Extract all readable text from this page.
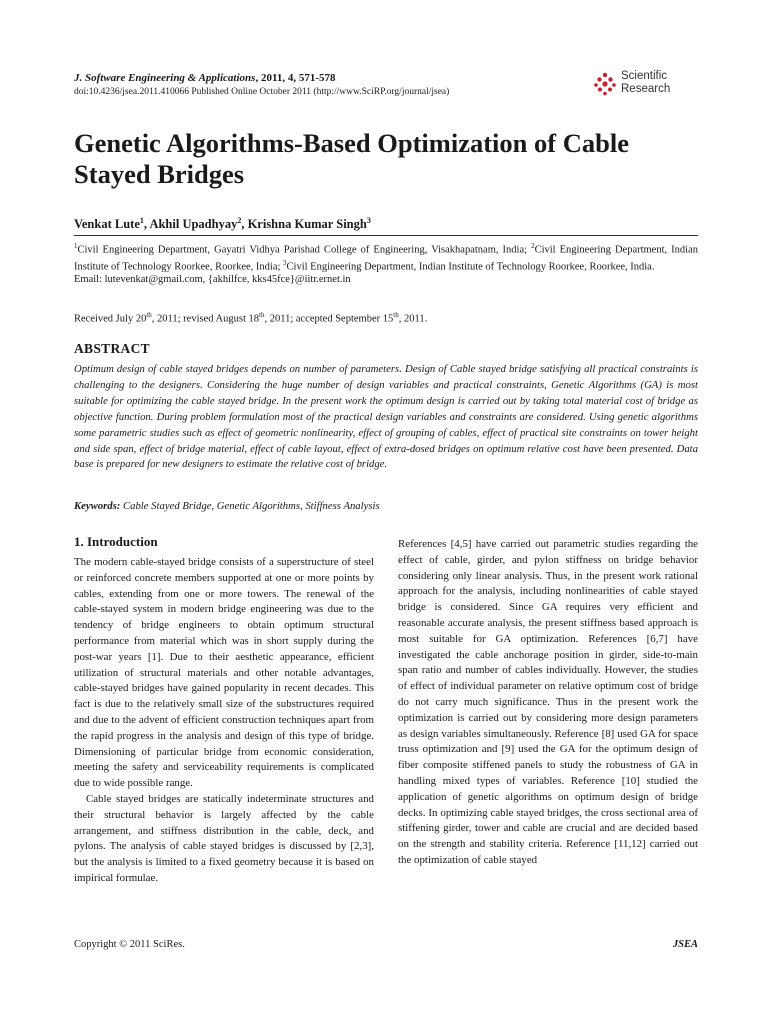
J. Software Engineering & Applications, 2011, 4, 571-578
doi:10.4236/jsea.2011.410066 Published Online October 2011 (http://www.SciRP.org/journal/jsea)
Scientific
Research
Genetic Algorithms-Based Optimization of Cable Stayed Bridges
Venkat Lute$^1$, Akhil Upadhyay$^2$, Krishna Kumar Singh$^3$
$^1$Civil Engineering Department, Gayatri Vidhya Parishad College of Engineering, Visakhapatnam, India; $^2$Civil Engineering Department, Indian Institute of Technology Roorkee, Roorkee, India; $^3$Civil Engineering Department, Indian Institute of Technology Roorkee, Roorkee, India.
Email: lutevenkat@gmail.com, {akhilfce, kks45fce}@iitr.ernet.in
Received July 20th, 2011; revised August 18th, 2011; accepted September 15th, 2011.
ABSTRACT
Optimum design of cable stayed bridges depends on number of parameters. Design of Cable stayed bridge satisfying all practical constraints is challenging to the designers. Considering the huge number of design variables and practical constraints, Genetic Algorithms (GA) is most suitable for optimizing the cable stayed bridge. In the present work the optimum design is carried out by taking total material cost of bridge as objective function. During problem formulation most of the practical design variables and constraints are considered. Using genetic algorithms some parametric studies such as effect of geometric nonlinearity, effect of grouping of cables, effect of practical site constraints on tower height and side span, effect of bridge material, effect of cable layout, effect of extra-dosed bridges on optimum relative cost have been presented. Data base is prepared for new designers to estimate the relative cost of bridge.
Keywords: Cable Stayed Bridge, Genetic Algorithms, Stiffness Analysis
1. Introduction

The modern cable-stayed bridge consists of a superstructure of steel or reinforced concrete members supported at one or more points by cables, extending from one or more towers. The renewal of the cable-stayed system in modern bridge engineering was due to the tendency of bridge engineers to obtain optimum structural performance from material which was in short supply during the post-war years [1]. Due to their aesthetic appearance, efficient utilization of structural materials and other notable advantages, cable-stayed bridges have gained popularity in recent decades. This fact is due to the relatively small size of the substructures required and due to the advent of efficient construction techniques apart from the rapid progress in the analysis and design of this type of bridge. Dimensioning of particular bridge from economic consideration, meeting the safety and serviceability requirements is complicated due to wide possible range.

Cable stayed bridges are statically indeterminate structures and their structural behavior is largely affected by the cable arrangement, and stiffness distribution in the cable, deck, and pylons. The analysis of cable stayed bridges is discussed by [2,3], but the analysis is limited to a fixed geometry because it is based on impirical formulae.

References [4,5] have carried out parametric studies regarding the effect of cable, girder, and pylon stiffness on bridge behavior considering only linear analysis. Thus, in the present work rational approach for the analysis, including nonlinearities of cable stayed bridge is considered. Since GA requires very efficient and reasonable accurate analysis, the present stiffness based approach is most suitable for GA optimization. References [6,7] have investigated the cable anchorage position in girder, side-to-main span ratio and number of cables individually. However, the studies of effect of individual parameter on relative optimum cost of bridge do not carry much significance. Thus in the present work the optimization is carried out by considering more design parameters as design variables simultaneously. Reference [8] used GA for space truss optimization and [9] used the GA for the optimum design of fiber composite stiffened panels to study the robustness of GA in handling mixed types of variables. Reference [10] studied the application of genetic algorithms on optimum design of bridge decks. In optimizing cable stayed bridges, the cross sectional area of stiffening girder, tower and cable are crucial and are decided based on the strength and stability criteria. Reference [11,12] carried out the optimization of cable stayed

Copyright © 2011 SciRes.	JSEA
